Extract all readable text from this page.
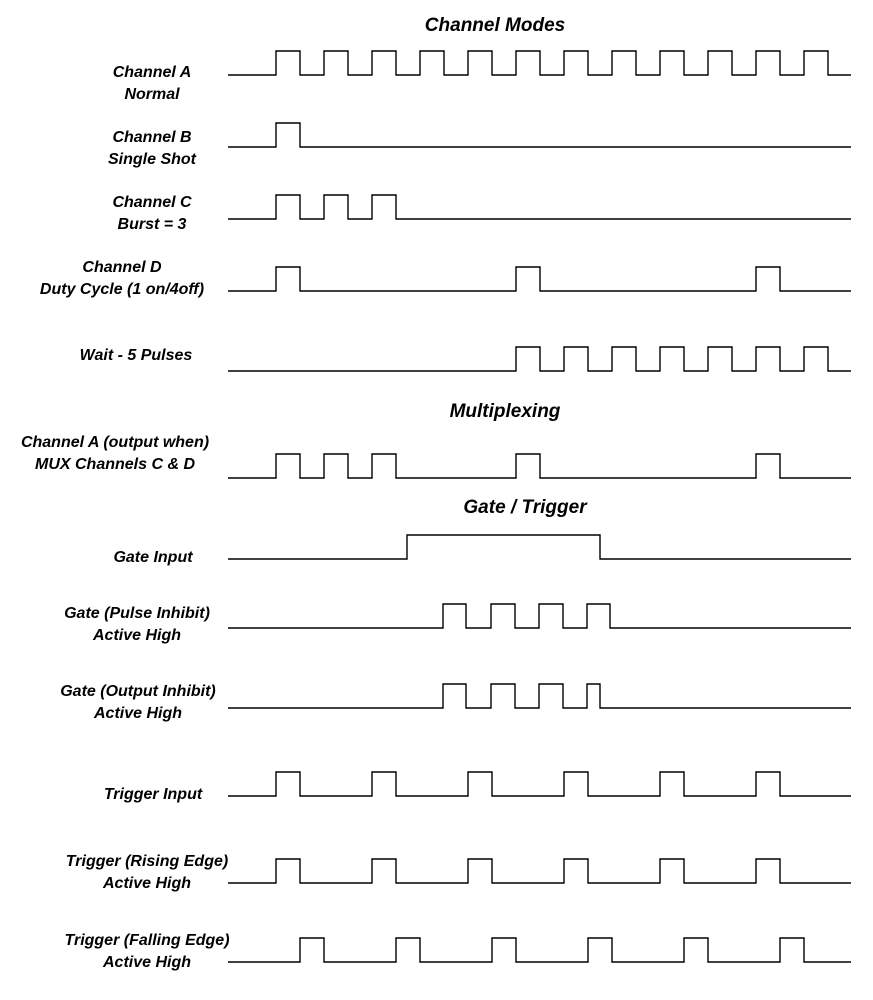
Channel Modes
Multiplexing
Gate / Trigger
Channel A
Normal
Channel B
Single Shot
Channel C
Burst = 3
Channel D
Duty Cycle (1 on/4off)
Wait - 5 Pulses
Channel A (output when)
MUX Channels C & D
Gate Input
Gate (Pulse Inhibit)
Active High
Gate (Output Inhibit)
Active High
Trigger Input
Trigger (Rising Edge)
Active High
Trigger (Falling Edge)
Active High
